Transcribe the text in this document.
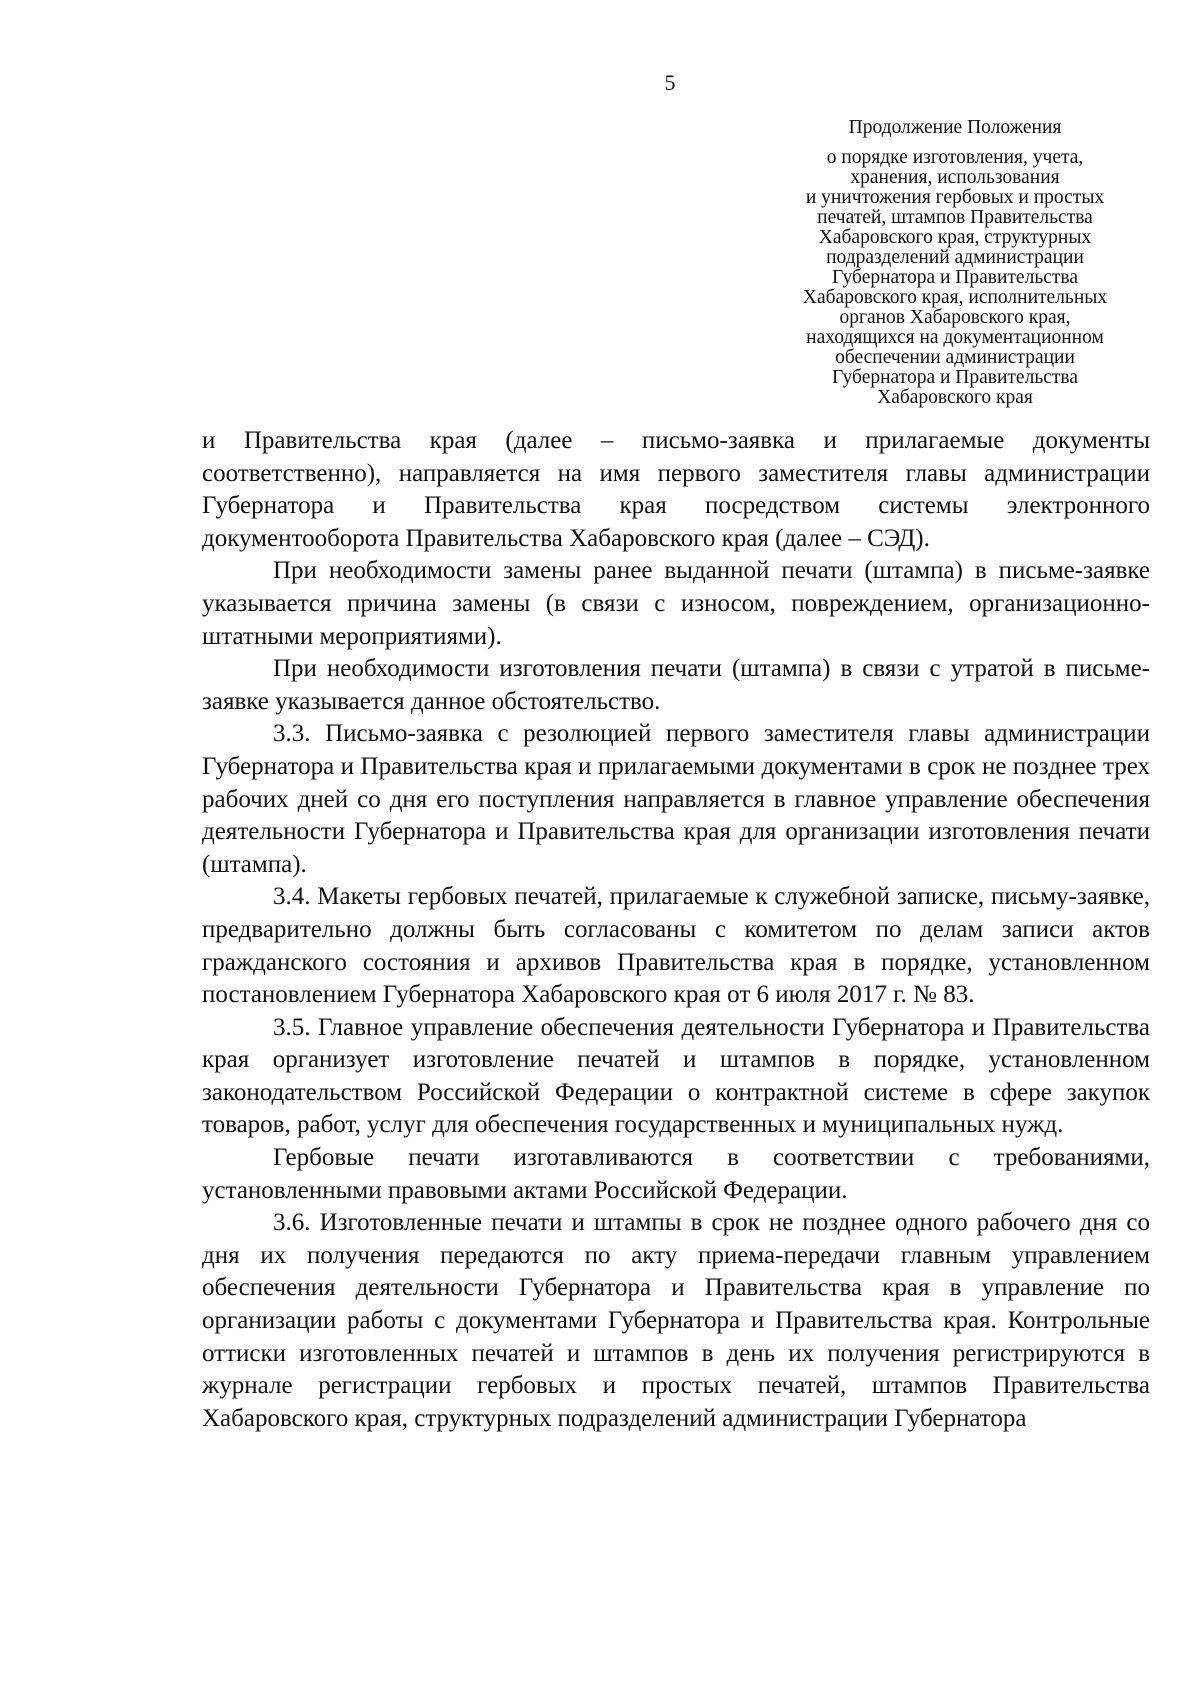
5
Продолжение Положения
о порядке изготовления, учета,
хранения, использования
и уничтожения гербовых и простых
печатей, штампов Правительства
Хабаровского края, структурных
подразделений администрации
Губернатора и Правительства
Хабаровского края, исполнительных
органов Хабаровского края,
находящихся на документационном
обеспечении администрации
Губернатора и Правительства
Хабаровского края

и Правительства края (далее – письмо-заявка и прилагаемые документы соответственно), направляется на имя первого заместителя главы администрации Губернатора и Правительства края посредством системы электронного документооборота Правительства Хабаровского края (далее – СЭД).

При необходимости замены ранее выданной печати (штампа) в письме-заявке указывается причина замены (в связи с износом, повреждением, организационно-штатными мероприятиями).

При необходимости изготовления печати (штампа) в связи с утратой в письме-заявке указывается данное обстоятельство.

3.3. Письмо-заявка с резолюцией первого заместителя главы администрации Губернатора и Правительства края и прилагаемыми документами в срок не позднее трех рабочих дней со дня его поступления направляется в главное управление обеспечения деятельности Губернатора и Правительства края для организации изготовления печати (штампа).

3.4. Макеты гербовых печатей, прилагаемые к служебной записке, письму-заявке, предварительно должны быть согласованы с комитетом по делам записи актов гражданского состояния и архивов Правительства края в порядке, установленном постановлением Губернатора Хабаровского края от 6 июля 2017 г. № 83.

3.5. Главное управление обеспечения деятельности Губернатора и Правительства края организует изготовление печатей и штампов в порядке, установленном законодательством Российской Федерации о контрактной системе в сфере закупок товаров, работ, услуг для обеспечения государственных и муниципальных нужд.

Гербовые печати изготавливаются в соответствии с требованиями, установленными правовыми актами Российской Федерации.

3.6. Изготовленные печати и штампы в срок не позднее одного рабочего дня со дня их получения передаются по акту приема-передачи главным управлением обеспечения деятельности Губернатора и Правительства края в управление по организации работы с документами Губернатора и Правительства края. Контрольные оттиски изготовленных печатей и штампов в день их получения регистрируются в журнале регистрации гербовых и простых печатей, штампов Правительства Хабаровского края, структурных подразделений администрации Губернатора
